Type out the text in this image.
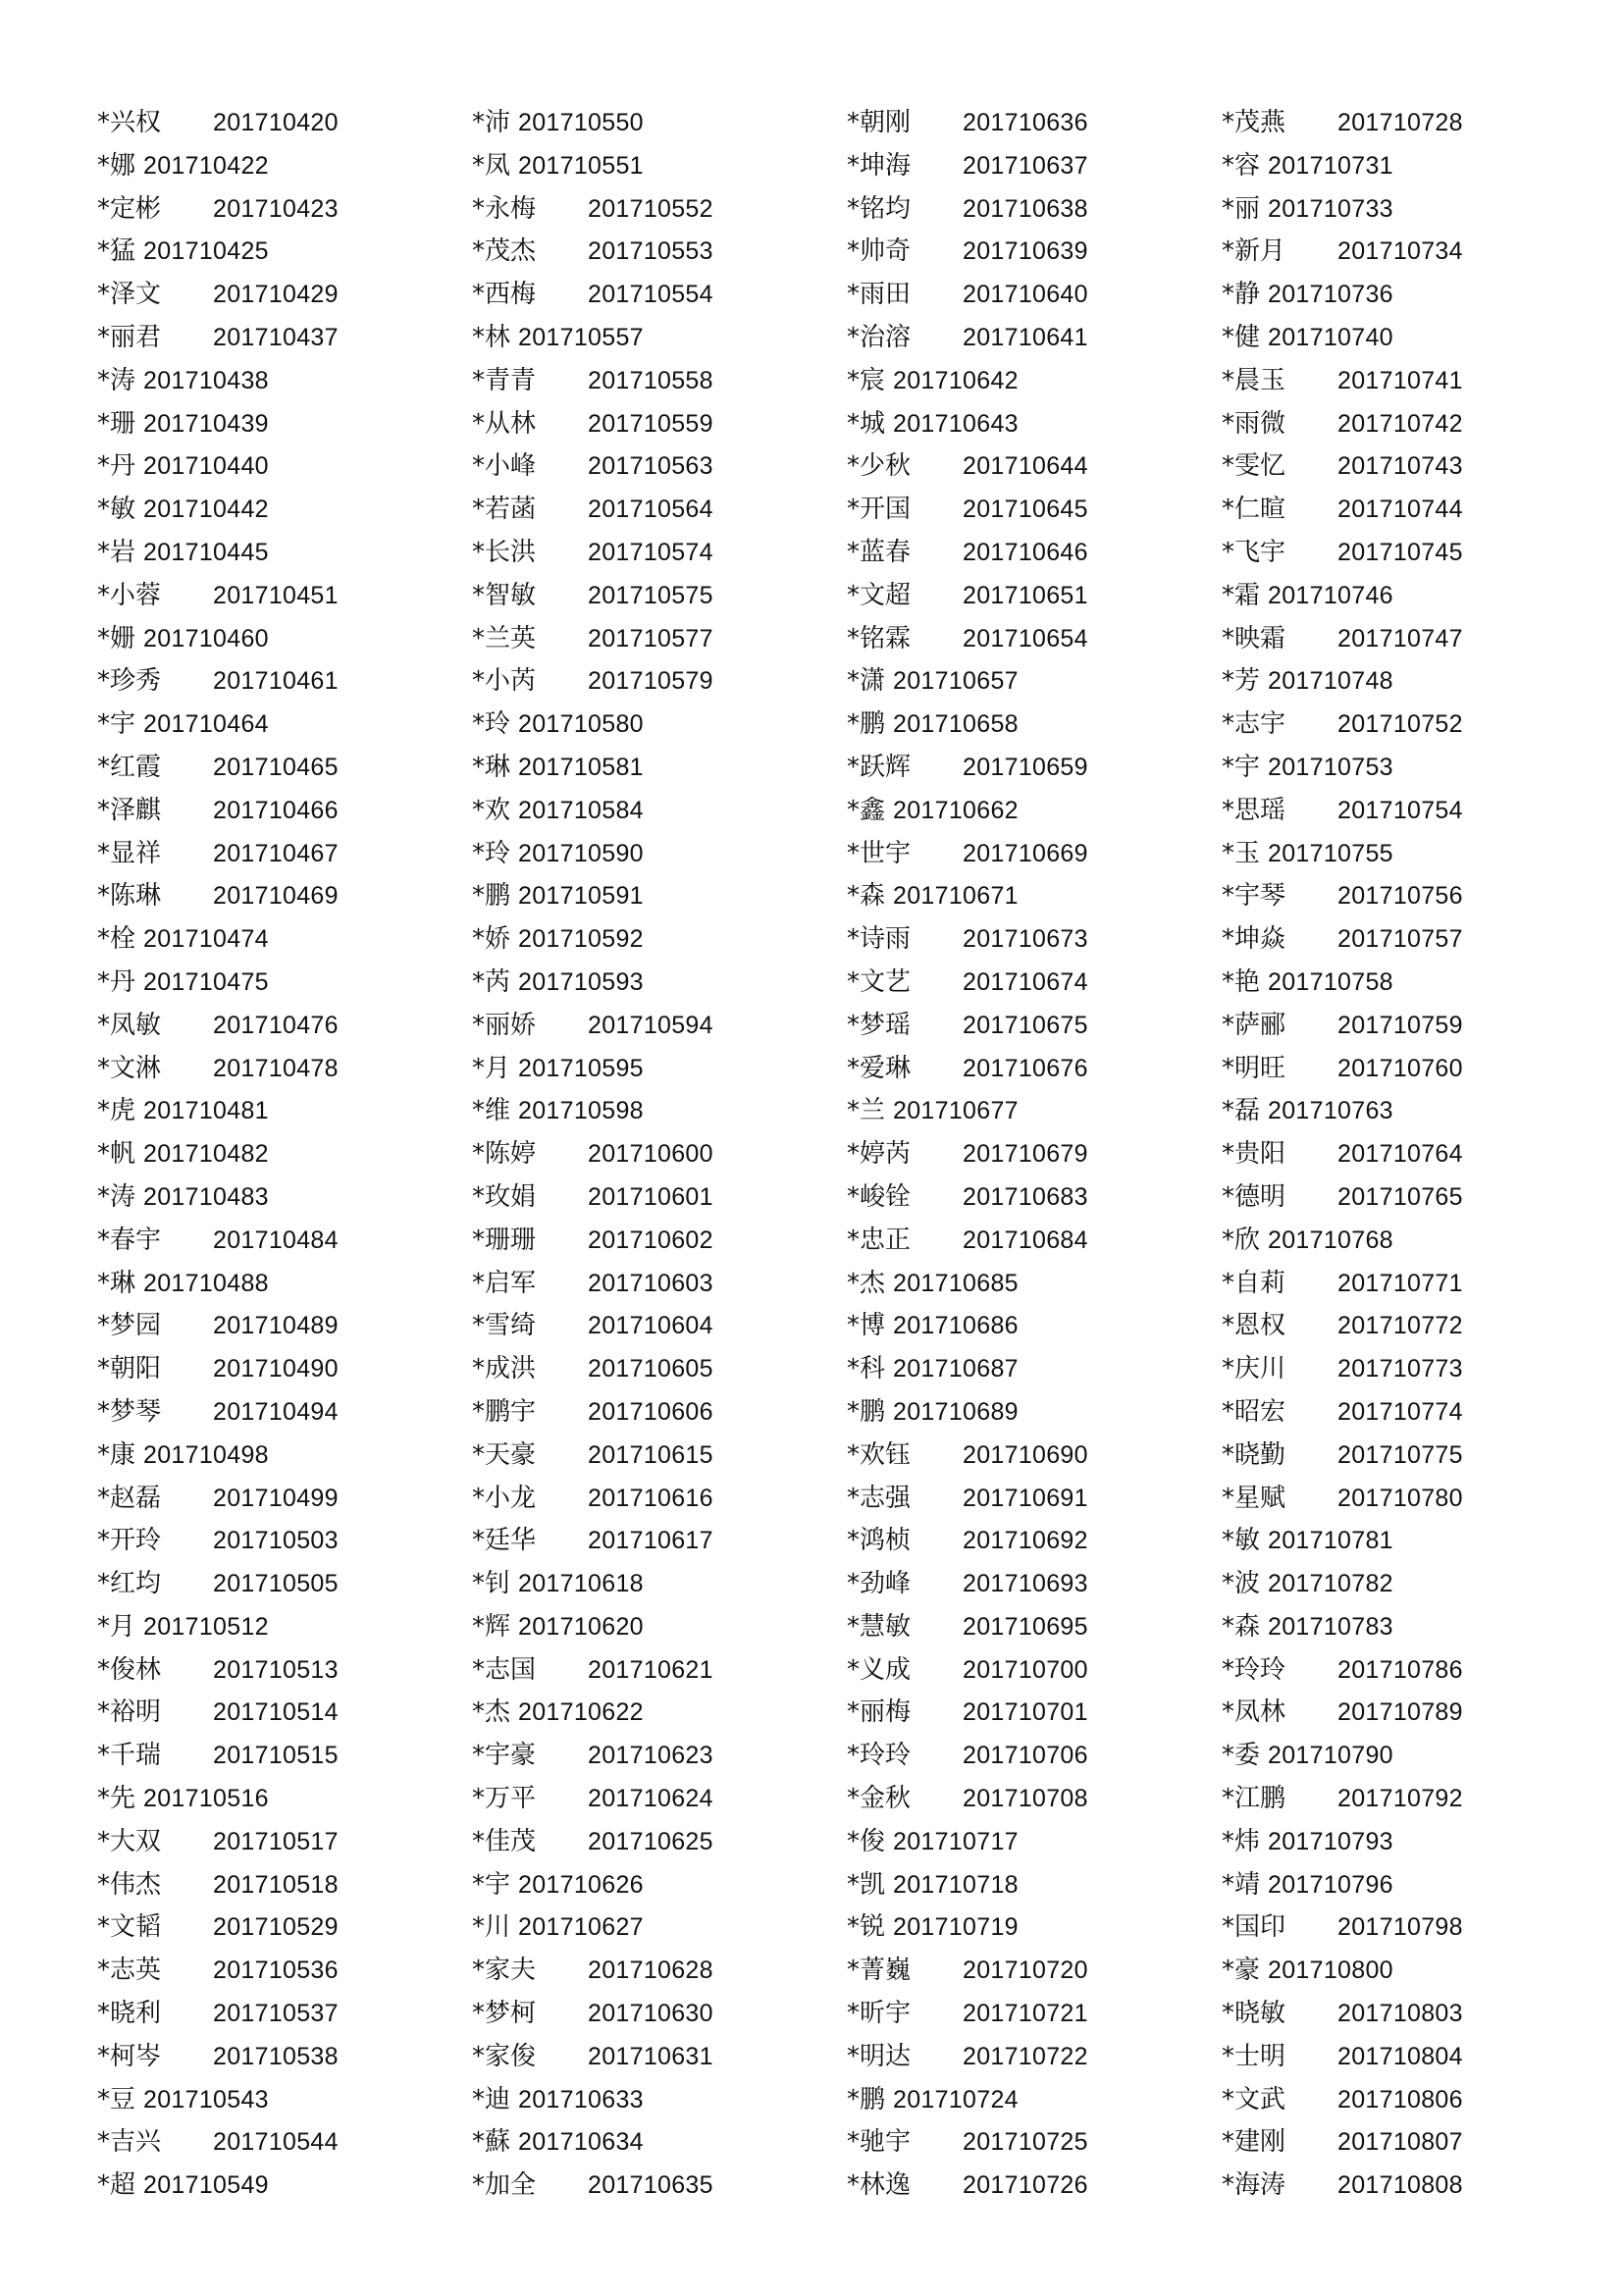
*兴权 201710420
*娜 201710422
*定彬 201710423
*猛 201710425
*泽文 201710429
*丽君 201710437
*涛 201710438
*珊 201710439
*丹 201710440
*敏 201710442
*岩 201710445
*小蓉 201710451
*姗 201710460
*珍秀 201710461
*宇 201710464
*红霞 201710465
*泽麒 201710466
*显祥 201710467
*陈琳 201710469
*栓 201710474
*丹 201710475
*凤敏 201710476
*文淋 201710478
*虎 201710481
*帆 201710482
*涛 201710483
*春宇 201710484
*琳 201710488
*梦园 201710489
*朝阳 201710490
*梦琴 201710494
*康 201710498
*赵磊 201710499
*开玲 201710503
*红均 201710505
*月 201710512
*俊林 201710513
*裕明 201710514
*千瑞 201710515
*先 201710516
*大双 201710517
*伟杰 201710518
*文韬 201710529
*志英 201710536
*晓利 201710537
*柯岑 201710538
*豆 201710543
*吉兴 201710544
*超 201710549
*沛 201710550
*凤 201710551
*永梅 201710552
*茂杰 201710553
*西梅 201710554
*林 201710557
*青青 201710558
*从林 201710559
*小峰 201710563
*若菡 201710564
*长洪 201710574
*智敏 201710575
*兰英 201710577
*小芮 201710579
*玲 201710580
*琳 201710581
*欢 201710584
*玲 201710590
*鹏 201710591
*娇 201710592
*芮 201710593
*丽娇 201710594
*月 201710595
*维 201710598
*陈婷 201710600
*玫娟 201710601
*珊珊 201710602
*启军 201710603
*雪绮 201710604
*成洪 201710605
*鹏宇 201710606
*天豪 201710615
*小龙 201710616
*廷华 201710617
*钊 201710618
*辉 201710620
*志国 201710621
*杰 201710622
*宇豪 201710623
*万平 201710624
*佳茂 201710625
*宇 201710626
*川 201710627
*家夫 201710628
*梦柯 201710630
*家俊 201710631
*迪 201710633
*蘇 201710634
*加全 201710635
*朝刚 201710636
*坤海 201710637
*铭均 201710638
*帅奇 201710639
*雨田 201710640
*治溶 201710641
*宸 201710642
*城 201710643
*少秋 201710644
*开国 201710645
*蓝春 201710646
*文超 201710651
*铭霖 201710654
*潇 201710657
*鹏 201710658
*跃辉 201710659
*鑫 201710662
*世宇 201710669
*森 201710671
*诗雨 201710673
*文艺 201710674
*梦瑶 201710675
*爱琳 201710676
*兰 201710677
*婷芮 201710679
*峻铨 201710683
*忠正 201710684
*杰 201710685
*博 201710686
*科 201710687
*鹏 201710689
*欢钰 201710690
*志强 201710691
*鸿桢 201710692
*劲峰 201710693
*慧敏 201710695
*义成 201710700
*丽梅 201710701
*玲玲 201710706
*金秋 201710708
*俊 201710717
*凯 201710718
*锐 201710719
*菁巍 201710720
*昕宇 201710721
*明达 201710722
*鹏 201710724
*驰宇 201710725
*林逸 201710726
*茂燕 201710728
*容 201710731
*丽 201710733
*新月 201710734
*静 201710736
*健 201710740
*晨玉 201710741
*雨微 201710742
*雯忆 201710743
*仁暄 201710744
*飞宇 201710745
*霜 201710746
*映霜 201710747
*芳 201710748
*志宇 201710752
*宇 201710753
*思瑶 201710754
*玉 201710755
*宇琴 201710756
*坤焱 201710757
*艳 201710758
*萨郦 201710759
*明旺 201710760
*磊 201710763
*贵阳 201710764
*德明 201710765
*欣 201710768
*自莉 201710771
*恩权 201710772
*庆川 201710773
*昭宏 201710774
*晓勤 201710775
*星赋 201710780
*敏 201710781
*波 201710782
*森 201710783
*玲玲 201710786
*凤林 201710789
*委 201710790
*江鹏 201710792
*炜 201710793
*靖 201710796
*国印 201710798
*豪 201710800
*晓敏 201710803
*士明 201710804
*文武 201710806
*建刚 201710807
*海涛 201710808
